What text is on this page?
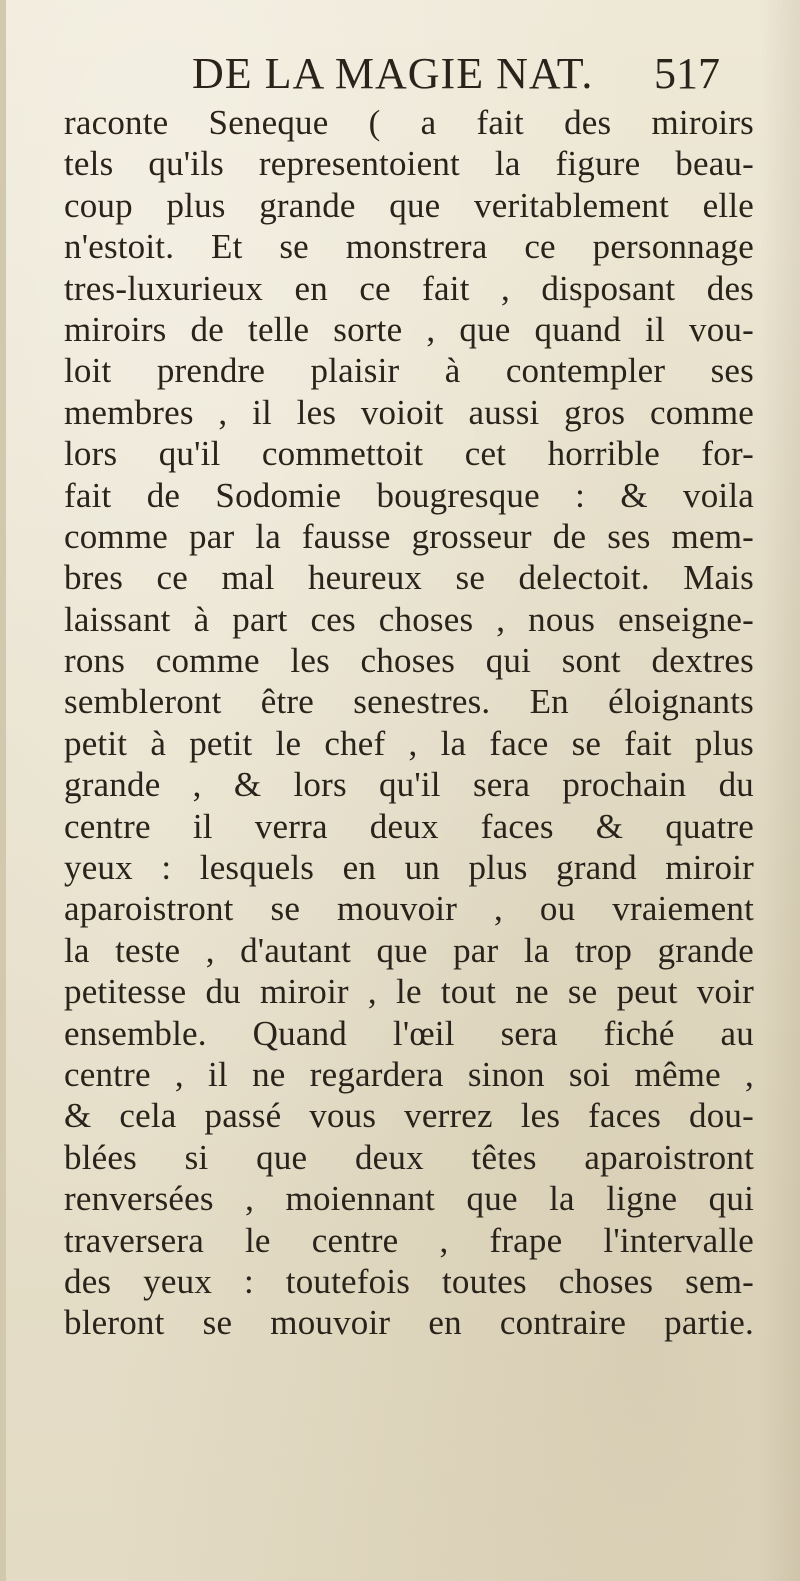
DE LA MAGIE NAT. 517
raconte Seneque ( a fait des miroirs
tels qu'ils representoient la figure beau-
coup plus grande que veritablement elle
n'estoit. Et se monstrera ce personnage
tres-luxurieux en ce fait , disposant des
miroirs de telle sorte , que quand il vou-
loit prendre plaisir à contempler ses
membres , il les voioit aussi gros comme
lors qu'il commettoit cet horrible for-
fait de Sodomie bougresque : & voila
comme par la fausse grosseur de ses mem-
bres ce mal heureux se delectoit. Mais
laissant à part ces choses , nous enseigne-
rons comme les choses qui sont dextres
sembleront être senestres. En éloignants
petit à petit le chef , la face se fait plus
grande , & lors qu'il sera prochain du
centre il verra deux faces & quatre
yeux : lesquels en un plus grand miroir
aparoistront se mouvoir , ou vraiement
la teste , d'autant que par la trop grande
petitesse du miroir , le tout ne se peut voir
ensemble. Quand l'œil sera fiché au
centre , il ne regardera sinon soi même ,
& cela passé vous verrez les faces dou-
blées si que deux têtes aparoistront
renversées , moiennant que la ligne qui
traversera le centre , frape l'intervalle
des yeux : toutefois toutes choses sem-
bleront se mouvoir en contraire partie.
